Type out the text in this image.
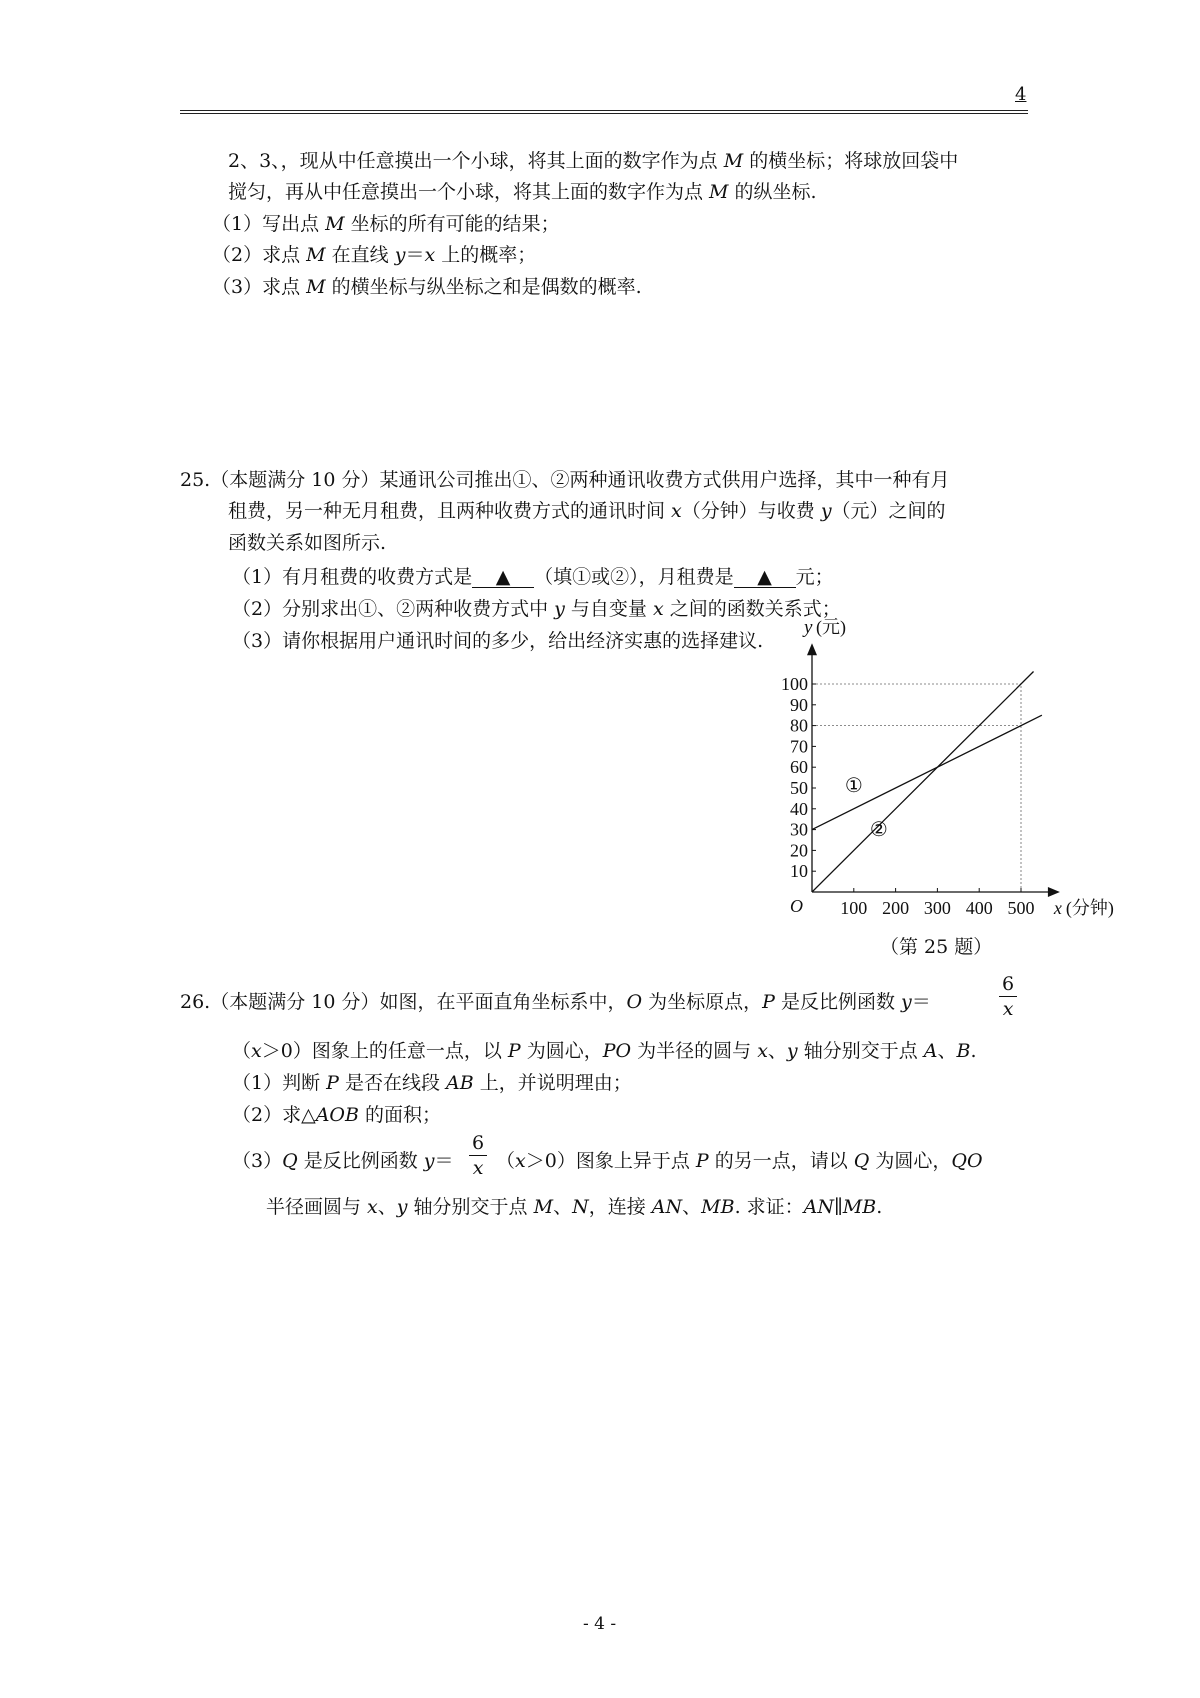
4
2、3、，现从中任意摸出一个小球，将其上面的数字作为点 M 的横坐标；将球放回袋中
搅匀，再从中任意摸出一个小球，将其上面的数字作为点 M 的纵坐标.
（1）写出点 M 坐标的所有可能的结果；
（2）求点 M 在直线 y＝x 上的概率；
（3）求点 M 的横坐标与纵坐标之和是偶数的概率.
25.（本题满分 10 分）某通讯公司推出①、②两种通讯收费方式供用户选择，其中一种有月
租费，另一种无月租费，且两种收费方式的通讯时间 x（分钟）与收费 y（元）之间的
函数关系如图所示.
（1）有月租费的收费方式是 ▲ （填①或②），月租费是 ▲ 元；
（2）分别求出①、②两种收费方式中 y 与自变量 x 之间的函数关系式；
（3）请你根据用户通讯时间的多少，给出经济实惠的选择建议.
100 200 300 400 500
10
20
30
40
50
60
70
80
90
100
O	x (分钟)
y (元)
①
②
（第 25 题）
26.（本题满分 10 分）如图，在平面直角坐标系中，O 为坐标原点，P 是反比例函数 y＝	$\frac{6}{x}$
（x＞0）图象上的任意一点，以 P 为圆心，PO 为半径的圆与 x、y 轴分别交于点 A、B.
（1）判断 P 是否在线段 AB 上，并说明理由；
（2）求△AOB 的面积；
（3）Q 是反比例函数 $y= \frac{6}{x} (x>0)$图象上异于点 P 的另一点，请以 Q 为圆心，QO
半径画圆与 x、y 轴分别交于点 M、N，连接 AN、MB. 求证：AN∥MB.
- 4 -
